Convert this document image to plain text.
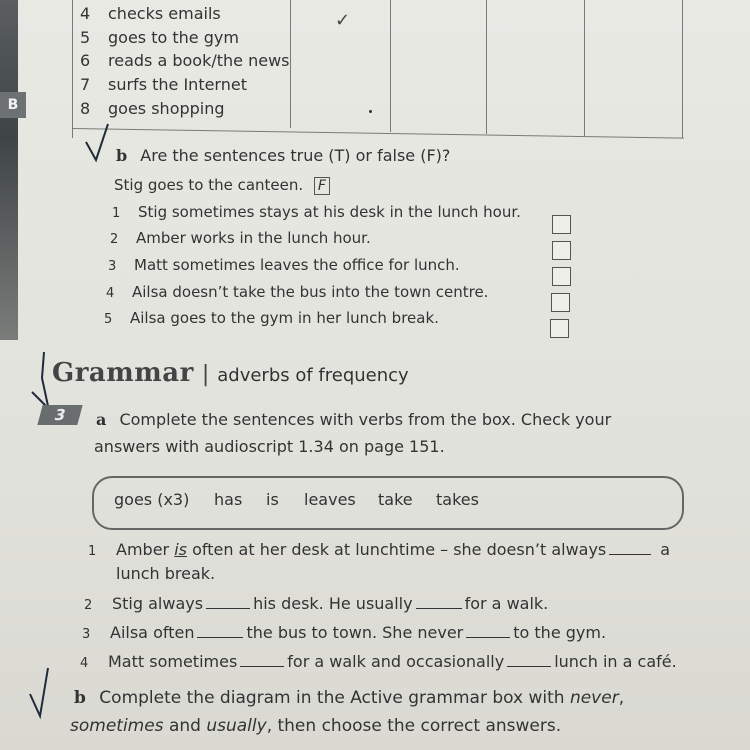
B
4 checks emails
5 goes to the gym
6 reads a book/the news
7 surfs the Internet
8 goes shopping
✓
b Are the sentences true (T) or false (F)?
Stig goes to the canteen. F
1 Stig sometimes stays at his desk in the lunch hour.
2 Amber works in the lunch hour.
3 Matt sometimes leaves the office for lunch.
4 Ailsa doesn’t take the bus into the town centre.
5 Ailsa goes to the gym in her lunch break.
Grammar | adverbs of frequency
3	a Complete the sentences with verbs from the box. Check your
answers with audioscript 1.34 on page 151.
goes (x3) has is leaves take takes
1 Amber is often at her desk at lunchtime – she doesn’t always	a
lunch break.
2 Stig always	his desk. He usually	for a walk.
3 Ailsa often	the bus to town. She never	to the gym.
4 Matt sometimes	for a walk and occasionally	lunch in a café.
b Complete the diagram in the Active grammar box with never,
sometimes and usually, then choose the correct answers.
